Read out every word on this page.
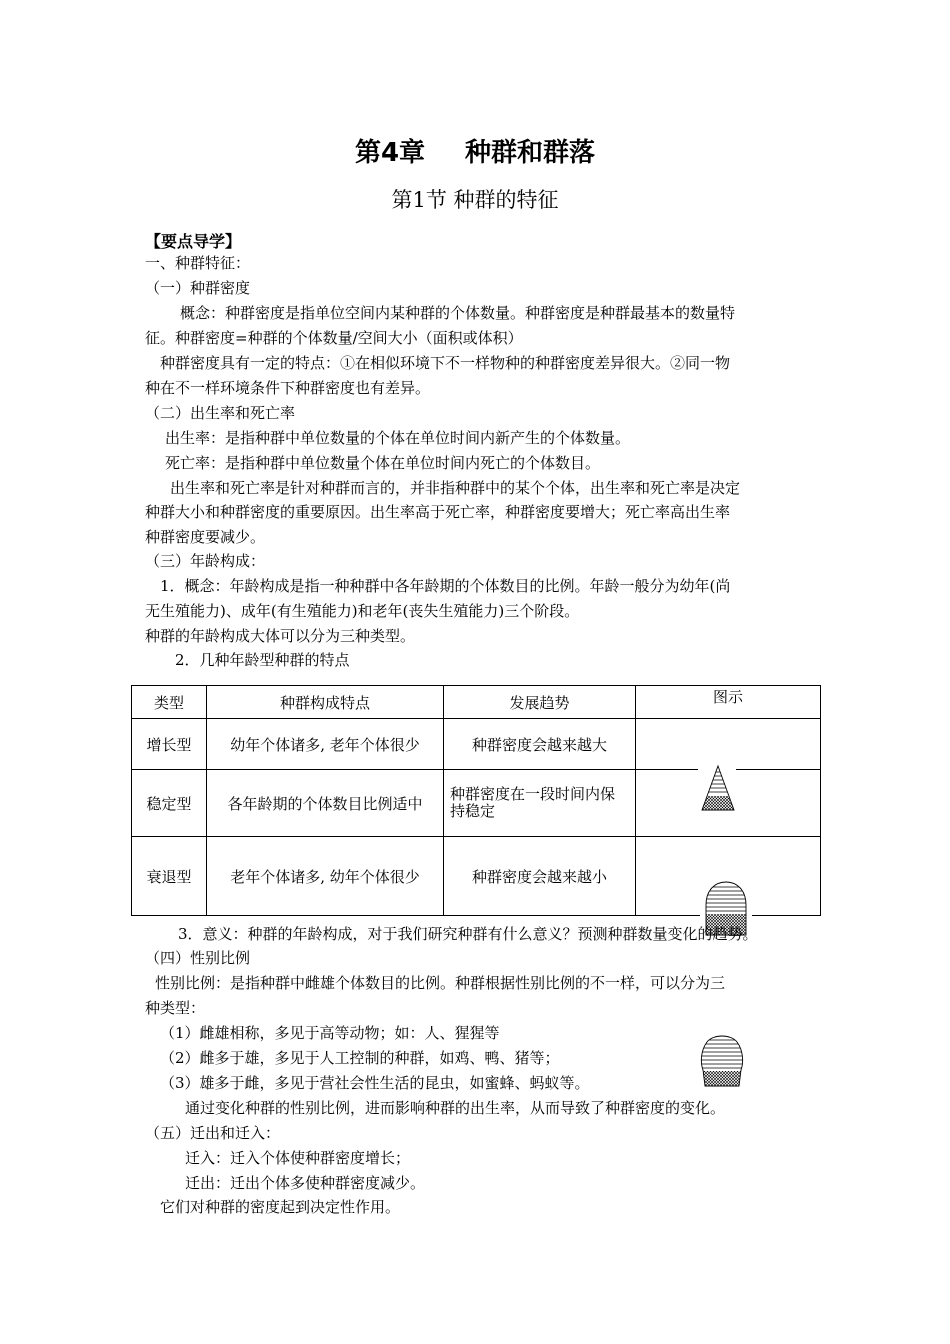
第4章 种群和群落
第1节 种群的特征
【要点导学】
一、种群特征：
（一）种群密度
概念：种群密度是指单位空间内某种群的个体数量。种群密度是种群最基本的数量特
征。种群密度=种群的个体数量/空间大小（面积或体积）
种群密度具有一定的特点：①在相似环境下不一样物种的种群密度差异很大。②同一物
种在不一样环境条件下种群密度也有差异。
（二）出生率和死亡率
出生率：是指种群中单位数量的个体在单位时间内新产生的个体数量。
死亡率：是指种群中单位数量个体在单位时间内死亡的个体数目。
出生率和死亡率是针对种群而言的，并非指种群中的某个个体，出生率和死亡率是决定
种群大小和种群密度的重要原因。出生率高于死亡率，种群密度要增大；死亡率高出生率
种群密度要减少。
（三）年龄构成：
1．概念：年龄构成是指一种种群中各年龄期的个体数目的比例。年龄一般分为幼年(尚
无生殖能力)、成年(有生殖能力)和老年(丧失生殖能力)三个阶段。
种群的年龄构成大体可以分为三种类型。
2．几种年龄型种群的特点
类型	种群构成特点	发展趋势	图示
增长型	幼年个体诸多, 老年个体很少	种群密度会越来越大	
稳定型	各年龄期的个体数目比例适中	种群密度在一段时间内保持稳定	
衰退型	老年个体诸多, 幼年个体很少	种群密度会越来越小	
3．意义：种群的年龄构成，对于我们研究种群有什么意义？预测种群数量变化的趋势。
（四）性别比例
性别比例：是指种群中雌雄个体数目的比例。种群根据性别比例的不一样，可以分为三
种类型：
（1）雌雄相称，多见于高等动物；如：人、猩猩等
（2）雌多于雄，多见于人工控制的种群，如鸡、鸭、猪等；
（3）雄多于雌，多见于营社会性生活的昆虫，如蜜蜂、蚂蚁等。
通过变化种群的性别比例，进而影响种群的出生率，从而导致了种群密度的变化。
（五）迁出和迁入：
迁入：迁入个体使种群密度增长；
迁出：迁出个体多使种群密度减少。
它们对种群的密度起到决定性作用。
